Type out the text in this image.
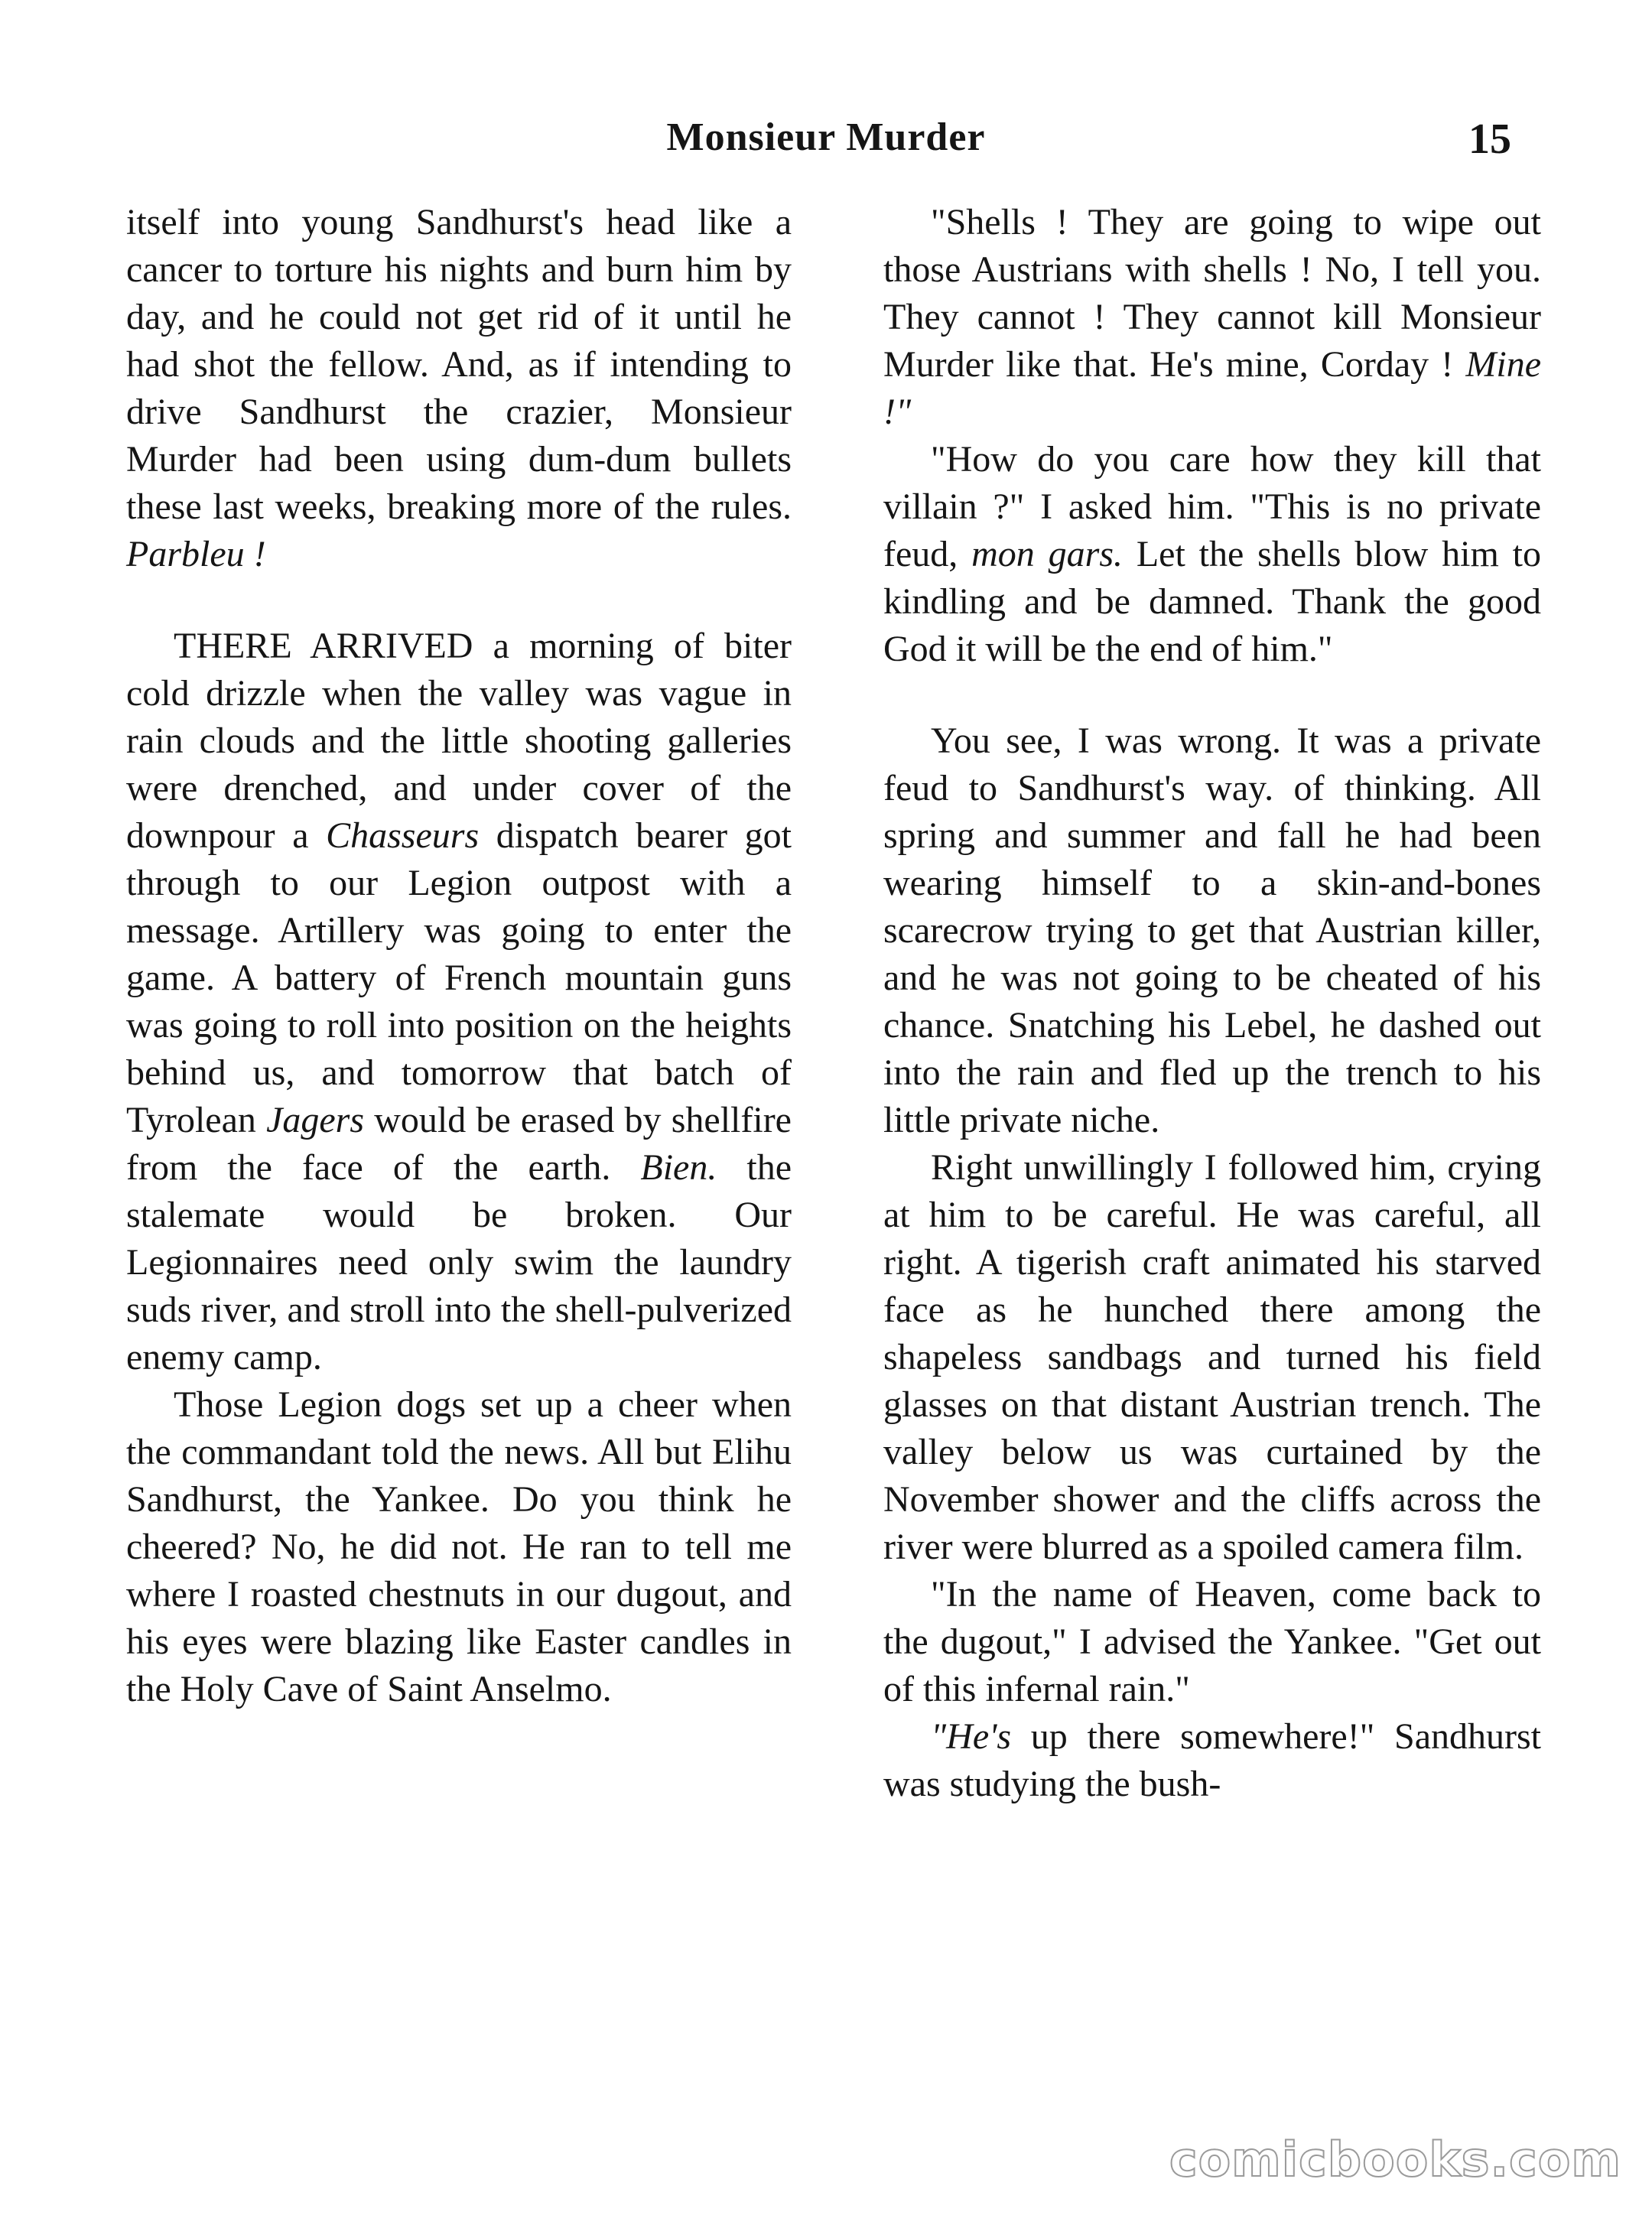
Monsieur Murder	15

itself into young Sandhurst's head like a cancer to torture his nights and burn him by day, and he could not get rid of it until he had shot the fellow. And, as if intending to drive Sandhurst the crazier, Monsieur Murder had been using dum-dum bullets these last weeks, breaking more of the rules. Parbleu !

THERE ARRIVED a morning of biter cold drizzle when the valley was vague in rain clouds and the little shooting galleries were drenched, and under cover of the downpour a Chasseurs dispatch bearer got through to our Legion outpost with a message. Artillery was going to enter the game. A battery of French mountain guns was going to roll into position on the heights behind us, and tomorrow that batch of Tyrolean Jagers would be erased by shellfire from the face of the earth. Bien. the stalemate would be broken. Our Legionnaires need only swim the laundry suds river, and stroll into the shell-pulverized enemy camp.

Those Legion dogs set up a cheer when the commandant told the news. All but Elihu Sandhurst, the Yankee. Do you think he cheered? No, he did not. He ran to tell me where I roasted chestnuts in our dugout, and his eyes were blazing like Easter candles in the Holy Cave of Saint Anselmo.

"Shells ! They are going to wipe out those Austrians with shells ! No, I tell you. They cannot ! They cannot kill Monsieur Murder like that. He's mine, Corday ! Mine !"

"How do you care how they kill that villain ?" I asked him. "This is no private feud, mon gars. Let the shells blow him to kindling and be damned. Thank the good God it will be the end of him."

You see, I was wrong. It was a private feud to Sandhurst's way. of thinking. All spring and summer and fall he had been wearing himself to a skin-and-bones scarecrow trying to get that Austrian killer, and he was not going to be cheated of his chance. Snatching his Lebel, he dashed out into the rain and fled up the trench to his little private niche.

Right unwillingly I followed him, crying at him to be careful. He was careful, all right. A tigerish craft animated his starved face as he hunched there among the shapeless sandbags and turned his field glasses on that distant Austrian trench. The valley below us was curtained by the November shower and the cliffs across the river were blurred as a spoiled camera film.

"In the name of Heaven, come back to the dugout," I advised the Yankee. "Get out of this infernal rain."

"He's up there somewhere!" Sandhurst was studying the bush-

comicbooks.com
